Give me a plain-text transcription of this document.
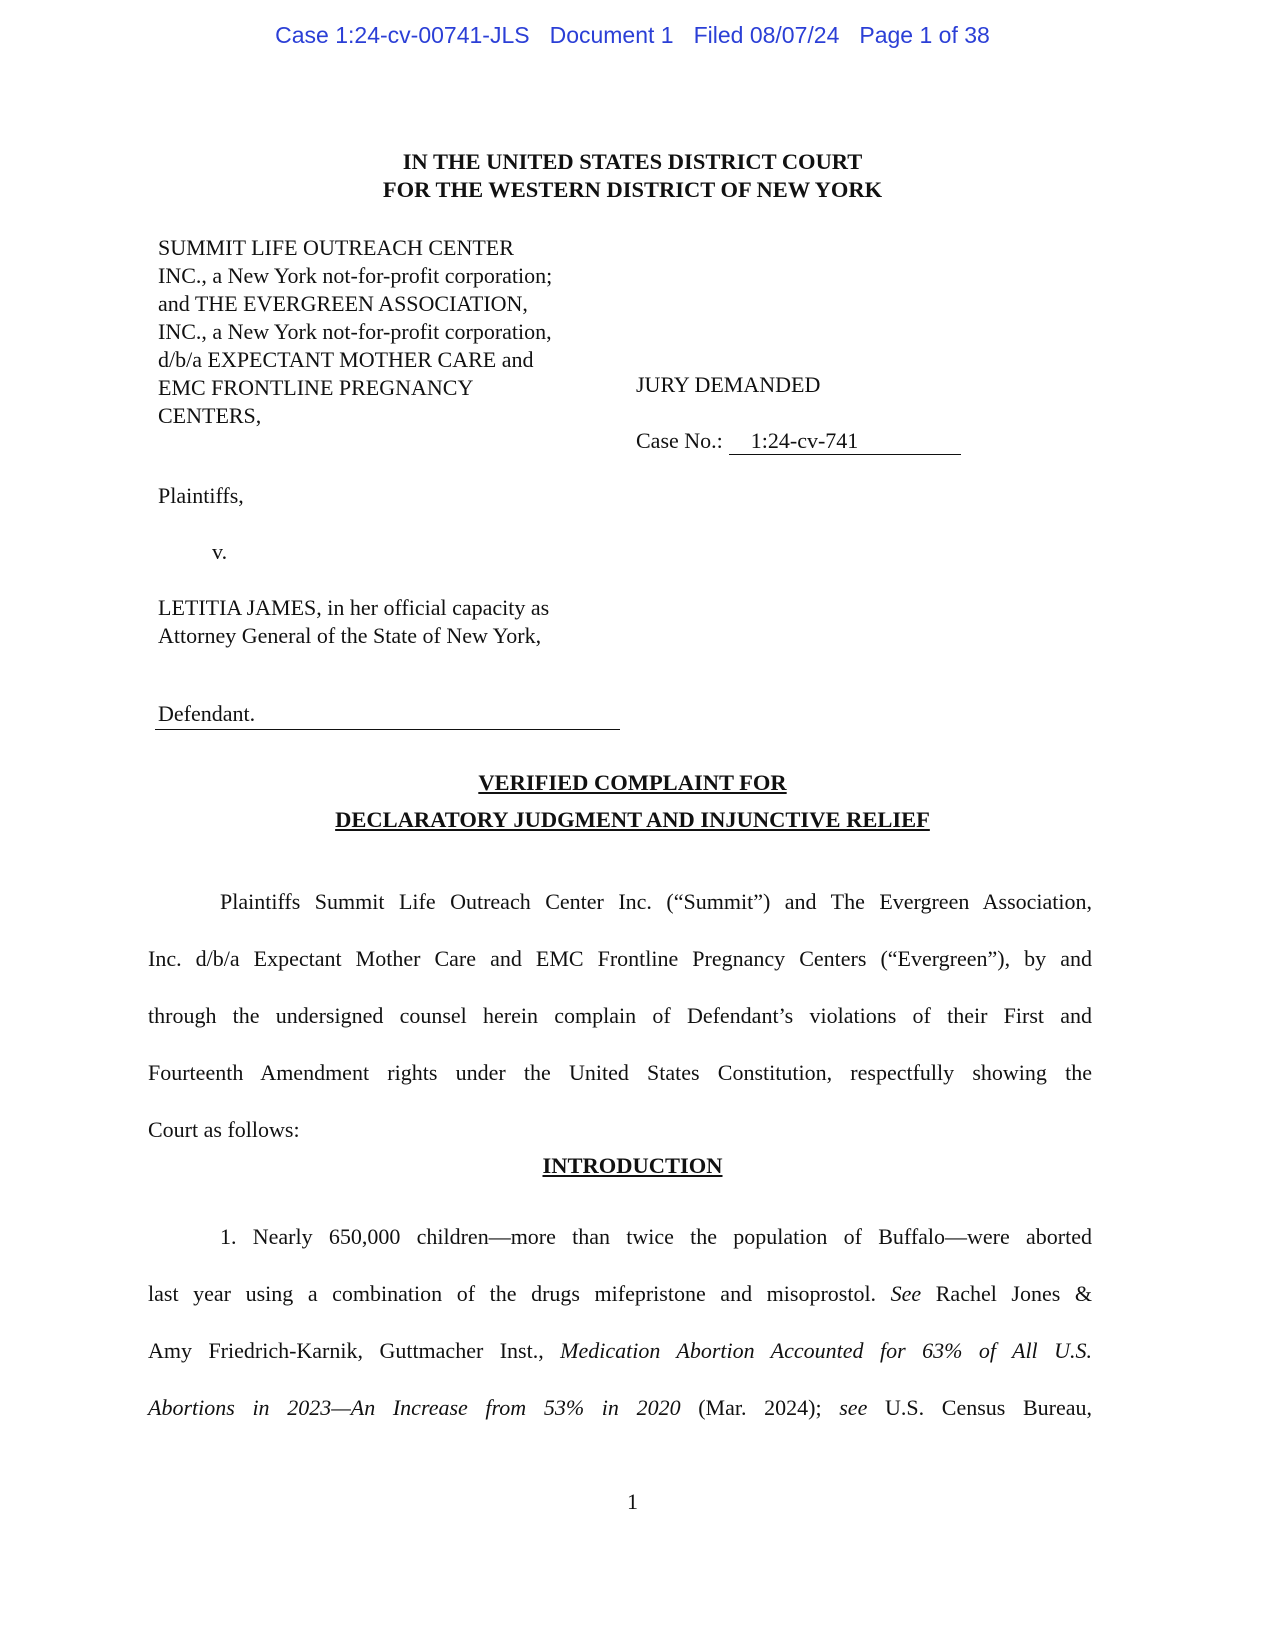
Case 1:24-cv-00741-JLS Document 1 Filed 08/07/24 Page 1 of 38
IN THE UNITED STATES DISTRICT COURT
FOR THE WESTERN DISTRICT OF NEW YORK
SUMMIT LIFE OUTREACH CENTER
INC., a New York not-for-profit corporation;
and THE EVERGREEN ASSOCIATION,
INC., a New York not-for-profit corporation,
d/b/a EXPECTANT MOTHER CARE and
EMC FRONTLINE PREGNANCY
CENTERS,
JURY DEMANDED
Case No.: 1:24-cv-741
Plaintiffs,
v.
LETITIA JAMES, in her official capacity as
Attorney General of the State of New York,
Defendant.
VERIFIED COMPLAINT FOR
DECLARATORY JUDGMENT AND INJUNCTIVE RELIEF
Plaintiffs Summit Life Outreach Center Inc. (“Summit”) and The Evergreen Association,
Inc. d/b/a Expectant Mother Care and EMC Frontline Pregnancy Centers (“Evergreen”), by and
through the undersigned counsel herein complain of Defendant’s violations of their First and
Fourteenth Amendment rights under the United States Constitution, respectfully showing the
Court as follows:
INTRODUCTION
1. Nearly 650,000 children—more than twice the population of Buffalo—were aborted
last year using a combination of the drugs mifepristone and misoprostol. See Rachel Jones &
Amy Friedrich-Karnik, Guttmacher Inst., Medication Abortion Accounted for 63% of All U.S.
Abortions in 2023—An Increase from 53% in 2020 (Mar. 2024); see U.S. Census Bureau,
1
